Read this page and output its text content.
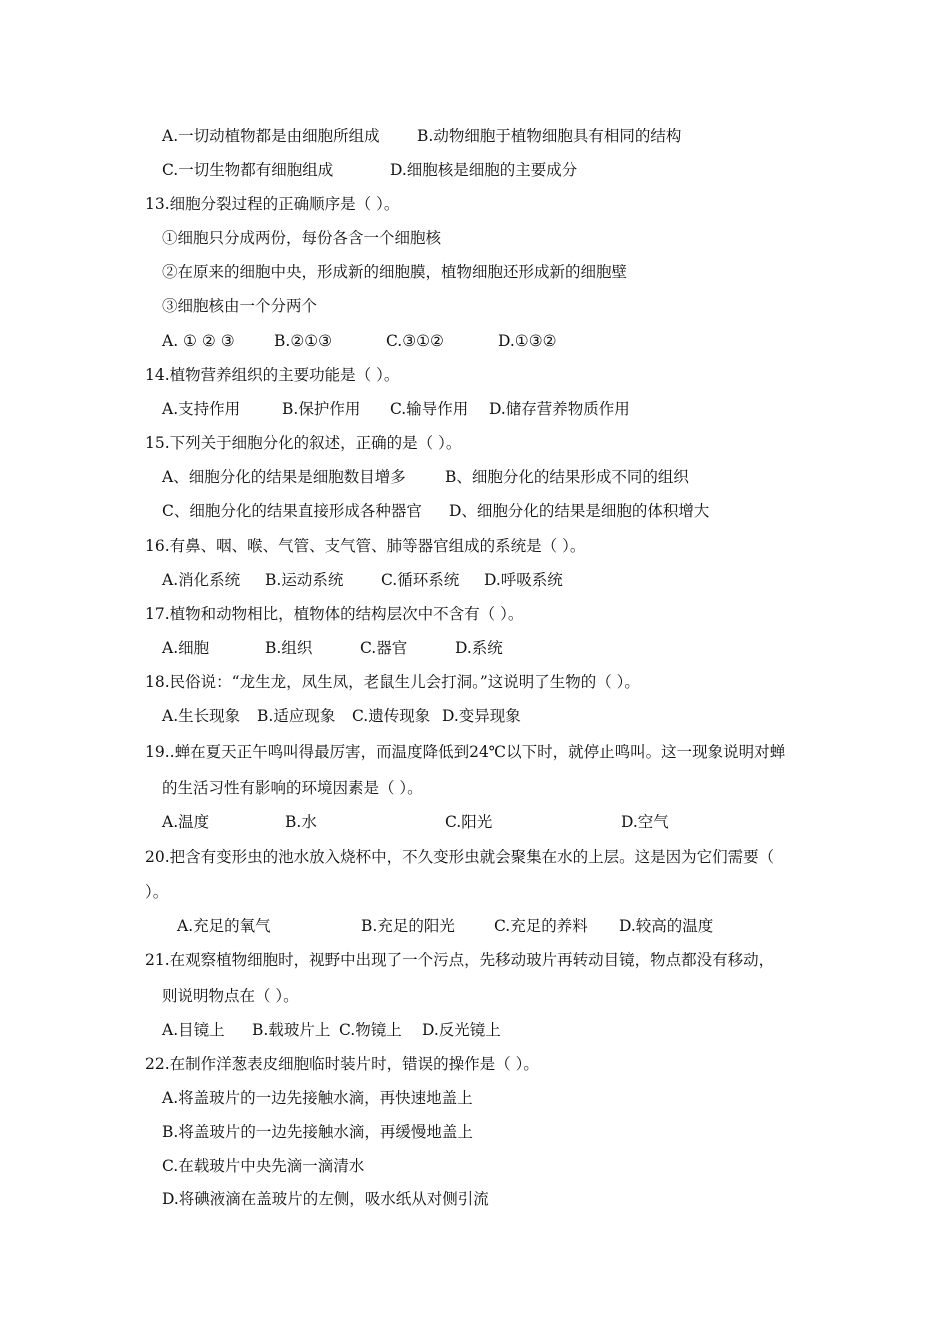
A.一切动植物都是由细胞所组成 B.动物细胞于植物细胞具有相同的结构
C.一切生物都有细胞组成	D.细胞核是细胞的主要成分
13.细胞分裂过程的正确顺序是（ ）。
①细胞只分成两份，每份各含一个细胞核
②在原来的细胞中央，形成新的细胞膜，植物细胞还形成新的细胞壁
③细胞核由一个分两个
A. ① ② ③	B.②①③	C.③①②	D.①③②
14.植物营养组织的主要功能是（ ）。
A.支持作用	B.保护作用 C.输导作用 D.储存营养物质作用
15.下列关于细胞分化的叙述，正确的是（ ）。
A、细胞分化的结果是细胞数目增多	B、细胞分化的结果形成不同的组织
C、细胞分化的结果直接形成各种器官 D、细胞分化的结果是细胞的体积增大
16.有鼻、咽、喉、气管、支气管、肺等器官组成的系统是（ ）。
A.消化系统 B.运动系统 C.循环系统 D.呼吸系统
17.植物和动物相比，植物体的结构层次中不含有（ ）。
A.细胞	B.组织	C.器官	D.系统
18.民俗说：“龙生龙，凤生凤，老鼠生儿会打洞。”这说明了生物的（ ）。
A.生长现象 B.适应现象 C.遗传现象 D.变异现象
19..蝉在夏天正午鸣叫得最厉害，而温度降低到24℃以下时，就停止鸣叫。这一现象说明对蝉
的生活习性有影响的环境因素是（ ）。
A.温度	B.水	C.阳光	D.空气
20.把含有变形虫的池水放入烧杯中，不久变形虫就会聚集在水的上层。这是因为它们需要（
）。
A.充足的氧气	B.充足的阳光	C.充足的养料 D.较高的温度
21.在观察植物细胞时，视野中出现了一个污点，先移动玻片再转动目镜，物点都没有移动，
则说明物点在（ ）。
A.目镜上 B.载玻片上 C.物镜上 D.反光镜上
22.在制作洋葱表皮细胞临时装片时，错误的操作是（ ）。
A.将盖玻片的一边先接触水滴，再快速地盖上
B.将盖玻片的一边先接触水滴，再缓慢地盖上
C.在载玻片中央先滴一滴清水
D.将碘液滴在盖玻片的左侧，吸水纸从对侧引流
